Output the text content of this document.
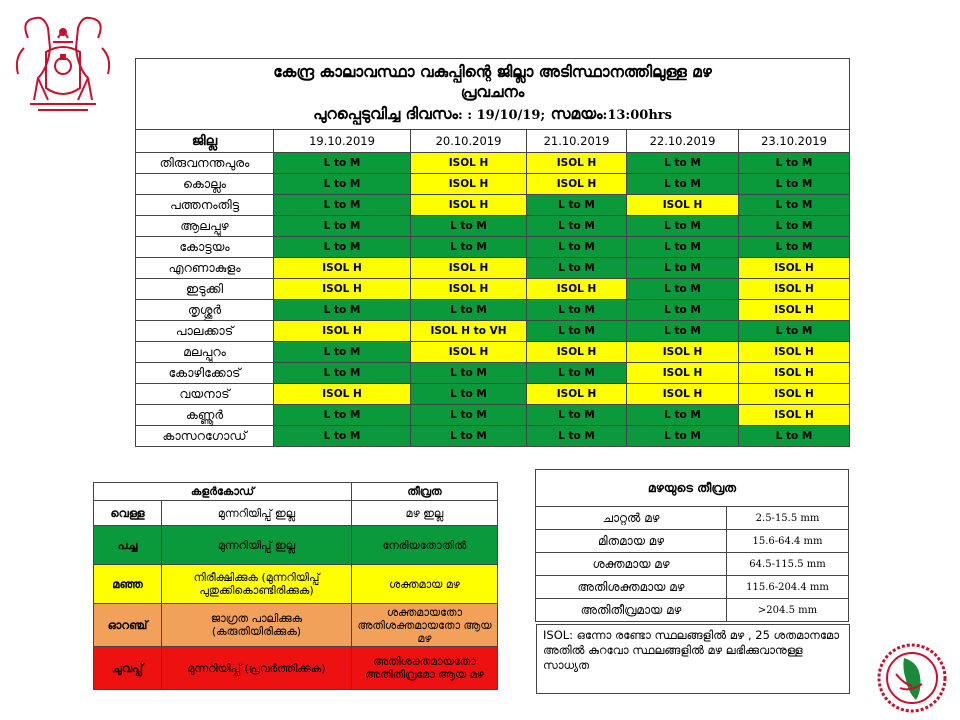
കേന്ദ്ര കാലാവസ്ഥാ വകുപ്പിന്റെ ജില്ലാ അടിസ്ഥാനത്തിലുള്ള മഴ
പ്രവചനം
പുറപ്പെടുവിച്ച ദിവസം: : 19/10/19; സമയം:13:00hrs					

ജില്ല	19.10.2019	20.10.2019	21.10.2019	22.10.2019	23.10.2019
തിരുവനന്തപുരം	L to M	ISOL H	ISOL H	L to M	L to M
കൊല്ലം	L to M	ISOL H	ISOL H	L to M	L to M
പത്തനംതിട്ട	L to M	ISOL H	L to M	ISOL H	L to M
ആലപ്പുഴ	L to M	L to M	L to M	L to M	L to M
കോട്ടയം	L to M	L to M	L to M	L to M	L to M
എറണാകുളം	ISOL H	ISOL H	L to M	L to M	ISOL H
ഇടുക്കി	ISOL H	ISOL H	ISOL H	L to M	ISOL H
തൃശ്ശൂർ	L to M	L to M	L to M	L to M	ISOL H
പാലക്കാട്	ISOL H	ISOL H to VH	L to M	L to M	L to M
മലപ്പുറം	L to M	ISOL H	ISOL H	ISOL H	ISOL H
കോഴിക്കോട്	L to M	L to M	L to M	ISOL H	ISOL H
വയനാട്	ISOL H	L to M	ISOL H	ISOL H	ISOL H
കണ്ണൂർ	L to M	L to M	L to M	L to M	ISOL H
കാസറഗോഡ്	L to M	L to M	L to M	L to M	L to M
കളർകോഡ്		തീവ്രത
വെള്ള	മുന്നറിയിപ്പ് ഇല്ല	മഴ ഇല്ല
പച്ച	മുന്നറിയിപ്പ് ഇല്ല	നേരിയതോതിൽ
മഞ്ഞ	നിരീക്ഷിക്കുക (മുന്നറിയിപ്പ് പുതുക്കികൊണ്ടിരിക്കുക)	ശക്തമായ മഴ
ഓറഞ്ച്	ജാഗ്രത പാലിക്കുക (കരുതിയിരിക്കുക)	ശക്തമായതോ അതിശക്തമായതോ ആയ മഴ
ചുവപ്പ്	മുന്നറിയിപ്പ് (പ്രവർത്തിക്കുക)	അതിശക്തമായതോ അതിതീവ്രമോ ആയ മഴ
മഴയുടെ തീവ്രത	
ചാറ്റൽ മഴ	2.5-15.5 mm
മിതമായ മഴ	15.6-64.4 mm
ശക്തമായ മഴ	64.5-115.5 mm
അതിശക്തമായ മഴ	115.6-204.4 mm
അതിതീവ്രമായ മഴ	>204.5 mm
ISOL: ഒന്നോ രണ്ടോ സ്ഥലങ്ങളിൽ മഴ , 25 ശതമാനമോ അതിൽ കുറവോ സ്ഥലങ്ങളിൽ മഴ ലഭിക്കുവാനുള്ള സാധ്യത
